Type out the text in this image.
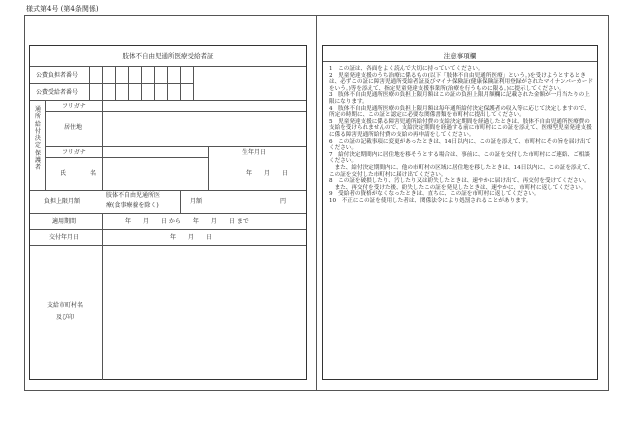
様式第4号 (第4条関係)
肢体不自由児通所医療受給者証
公費負担者番号
公費受給者番号
通所給付決定保護者
フリガナ
居住地
フリガナ	生年月日
氏	名	年　月　日
負担上限月額
肢体不自由児通所医
療(食事療養を除く)
月額	円
適用期間	年　　月　　日 から　　年　　月　　日 まで
交付年月日	年　　月　　日
支給市町村名
及び印
注意事項欄
1　この証は、各面をよく読んで大切に持っていてください。
2　児童発達支援のうち治療に係るもの(以下「肢体不自由児通所医療」という。)を受けようとするときは、必ずこの証に障害児通所受給者証及びマイナ保険証(健康保険証利用登録がされたマイナンバーカードをいう。)等を添えて、指定児童発達支援事業所(治療を行うものに限る。)に提示してください。
3　肢体不自由児通所医療の負担上限月額はこの証の負担上限月額欄に記載された金額が一月当たりの上限になります。
4　肢体不自由児通所医療の負担上限月額は毎年通所給付決定保護者の収入等に応じて決定しますので、所定の時期に、この証と認定に必要な関係書類を市町村に提出してください。
5　児童発達支援に係る障害児通所給付費の支給決定期間を経過したときは、肢体不自由児通所医療費の支給を受けられませんので、支給決定期間を経過する前に市町村にこの証を添えて、医療型児童発達支援に係る障害児通所給付費の支給の再申請をしてください。
6　この証の記載事項に変更があったときは、14日以内に、この証を添えて、市町村にその旨を届け出てください。
7　給付決定期間内に居住地を移そうとする場合は、事前に、この証を交付した市町村にご連絡、ご相談ください。
　また、給付決定期間内に、他の市町村の区域に居住地を移したときは、14日以内に、この証を添えて、この証を交付した市町村に届け出てください。
8　この証を破損したり、汚したり又は紛失したときは、速やかに届け出て、再交付を受けてください。
　また、再交付を受けた後、紛失したこの証を発見したときは、速やかに、市町村に返してください。
9　受給者の資格がなくなったときは、直ちに、この証を市町村に返してください。
10　不正にこの証を使用した者は、関係法令により処罰されることがあります。
